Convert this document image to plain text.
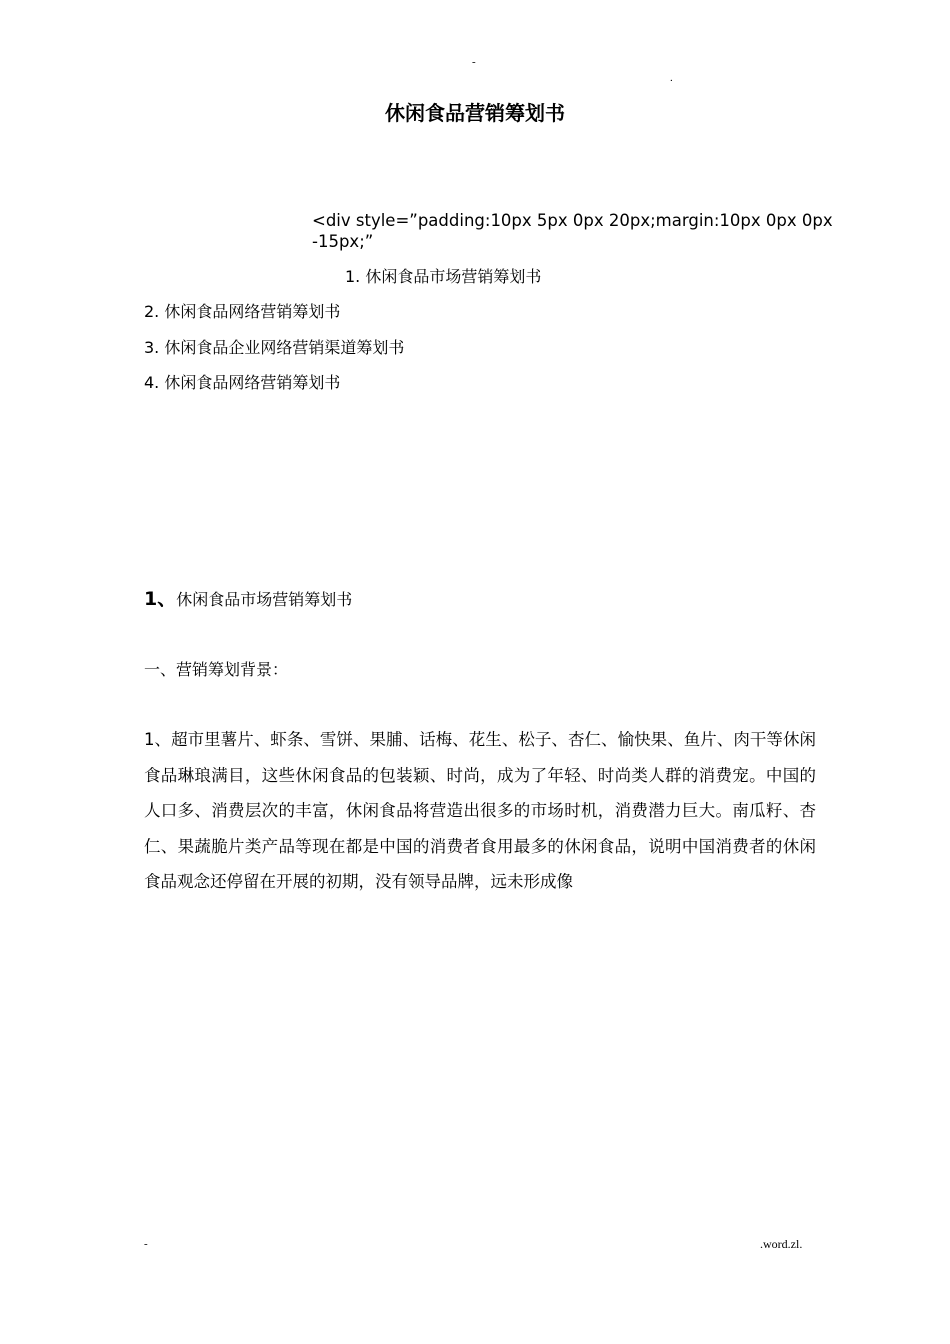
-
.
休闲食品营销筹划书
<div style=”padding:10px 5px 0px 20px;margin:10px 0px 0px -15px;”
1. 休闲食品市场营销筹划书
2. 休闲食品网络营销筹划书
3. 休闲食品企业网络营销渠道筹划书
4. 休闲食品网络营销筹划书
1、休闲食品市场营销筹划书
一、营销筹划背景：
1、超市里薯片、虾条、雪饼、果脯、话梅、花生、松子、杏仁、愉快果、鱼片、肉干等休闲食品琳琅满目，这些休闲食品的包装颖、时尚，成为了年轻、时尚类人群的消费宠。中国的人口多、消费层次的丰富，休闲食品将营造出很多的市场时机，消费潜力巨大。南瓜籽、杏仁、果蔬脆片类产品等现在都是中国的消费者食用最多的休闲食品，说明中国消费者的休闲食品观念还停留在开展的初期，没有领导品牌，远未形成像
-	.word.zl.
